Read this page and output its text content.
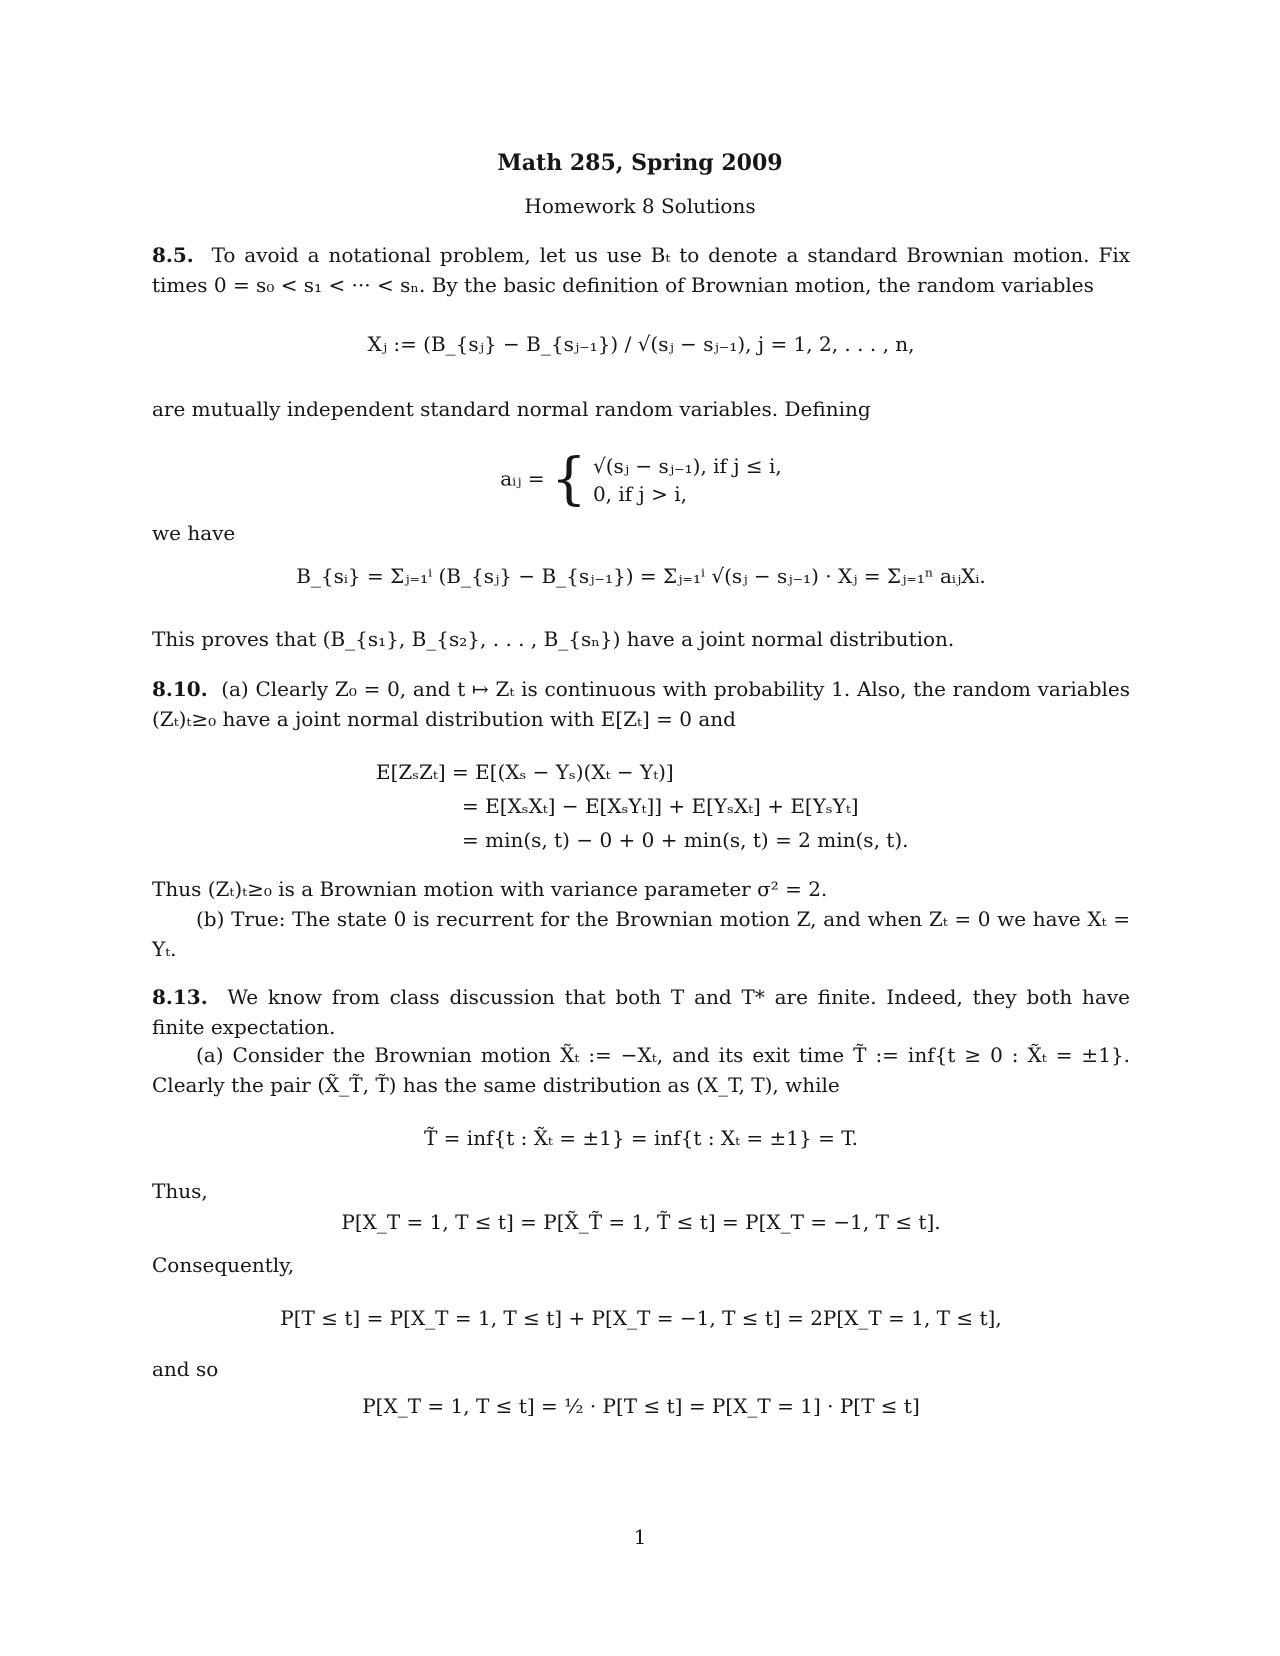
Math 285, Spring 2009
Homework 8 Solutions
8.5. To avoid a notational problem, let us use Bₜ to denote a standard Brownian motion. Fix times 0 = s₀ < s₁ < ··· < sₙ. By the basic definition of Brownian motion, the random variables
Xⱼ := (B_{sⱼ} − B_{sⱼ₋₁}) / √(sⱼ − sⱼ₋₁), j = 1, 2, . . . , n,
are mutually independent standard normal random variables. Defining
aᵢⱼ = { √(sⱼ − sⱼ₋₁), if j ≤ i,
0, if j > i,
we have
B_{sᵢ} = Σⱼ₌₁ⁱ (B_{sⱼ} − B_{sⱼ₋₁}) = Σⱼ₌₁ⁱ √(sⱼ − sⱼ₋₁) · Xⱼ = Σⱼ₌₁ⁿ aᵢⱼXᵢ.
This proves that (B_{s₁}, B_{s₂}, . . . , B_{sₙ}) have a joint normal distribution.
8.10. (a) Clearly Z₀ = 0, and t ↦ Zₜ is continuous with probability 1. Also, the random variables (Zₜ)ₜ≥₀ have a joint normal distribution with E[Zₜ] = 0 and
E[ZₛZₜ] = E[(Xₛ − Yₛ)(Xₜ − Yₜ)]
= E[XₛXₜ] − E[XₛYₜ]] + E[YₛXₜ] + E[YₛYₜ]
= min(s, t) − 0 + 0 + min(s, t) = 2 min(s, t).
Thus (Zₜ)ₜ≥₀ is a Brownian motion with variance parameter σ² = 2.
(b) True: The state 0 is recurrent for the Brownian motion Z, and when Zₜ = 0 we have Xₜ = Yₜ.
8.13. We know from class discussion that both T and T* are finite. Indeed, they both have finite expectation.
(a) Consider the Brownian motion X̃ₜ := −Xₜ, and its exit time T̃ := inf{t ≥ 0 : X̃ₜ = ±1}. Clearly the pair (X̃_T̃, T̃) has the same distribution as (X_T, T), while
T̃ = inf{t : X̃ₜ = ±1} = inf{t : Xₜ = ±1} = T.
Thus,
P[X_T = 1, T ≤ t] = P[X̃_T̃ = 1, T̃ ≤ t] = P[X_T = −1, T ≤ t].
Consequently,
P[T ≤ t] = P[X_T = 1, T ≤ t] + P[X_T = −1, T ≤ t] = 2P[X_T = 1, T ≤ t],
and so
P[X_T = 1, T ≤ t] = ½ · P[T ≤ t] = P[X_T = 1] · P[T ≤ t]
1
